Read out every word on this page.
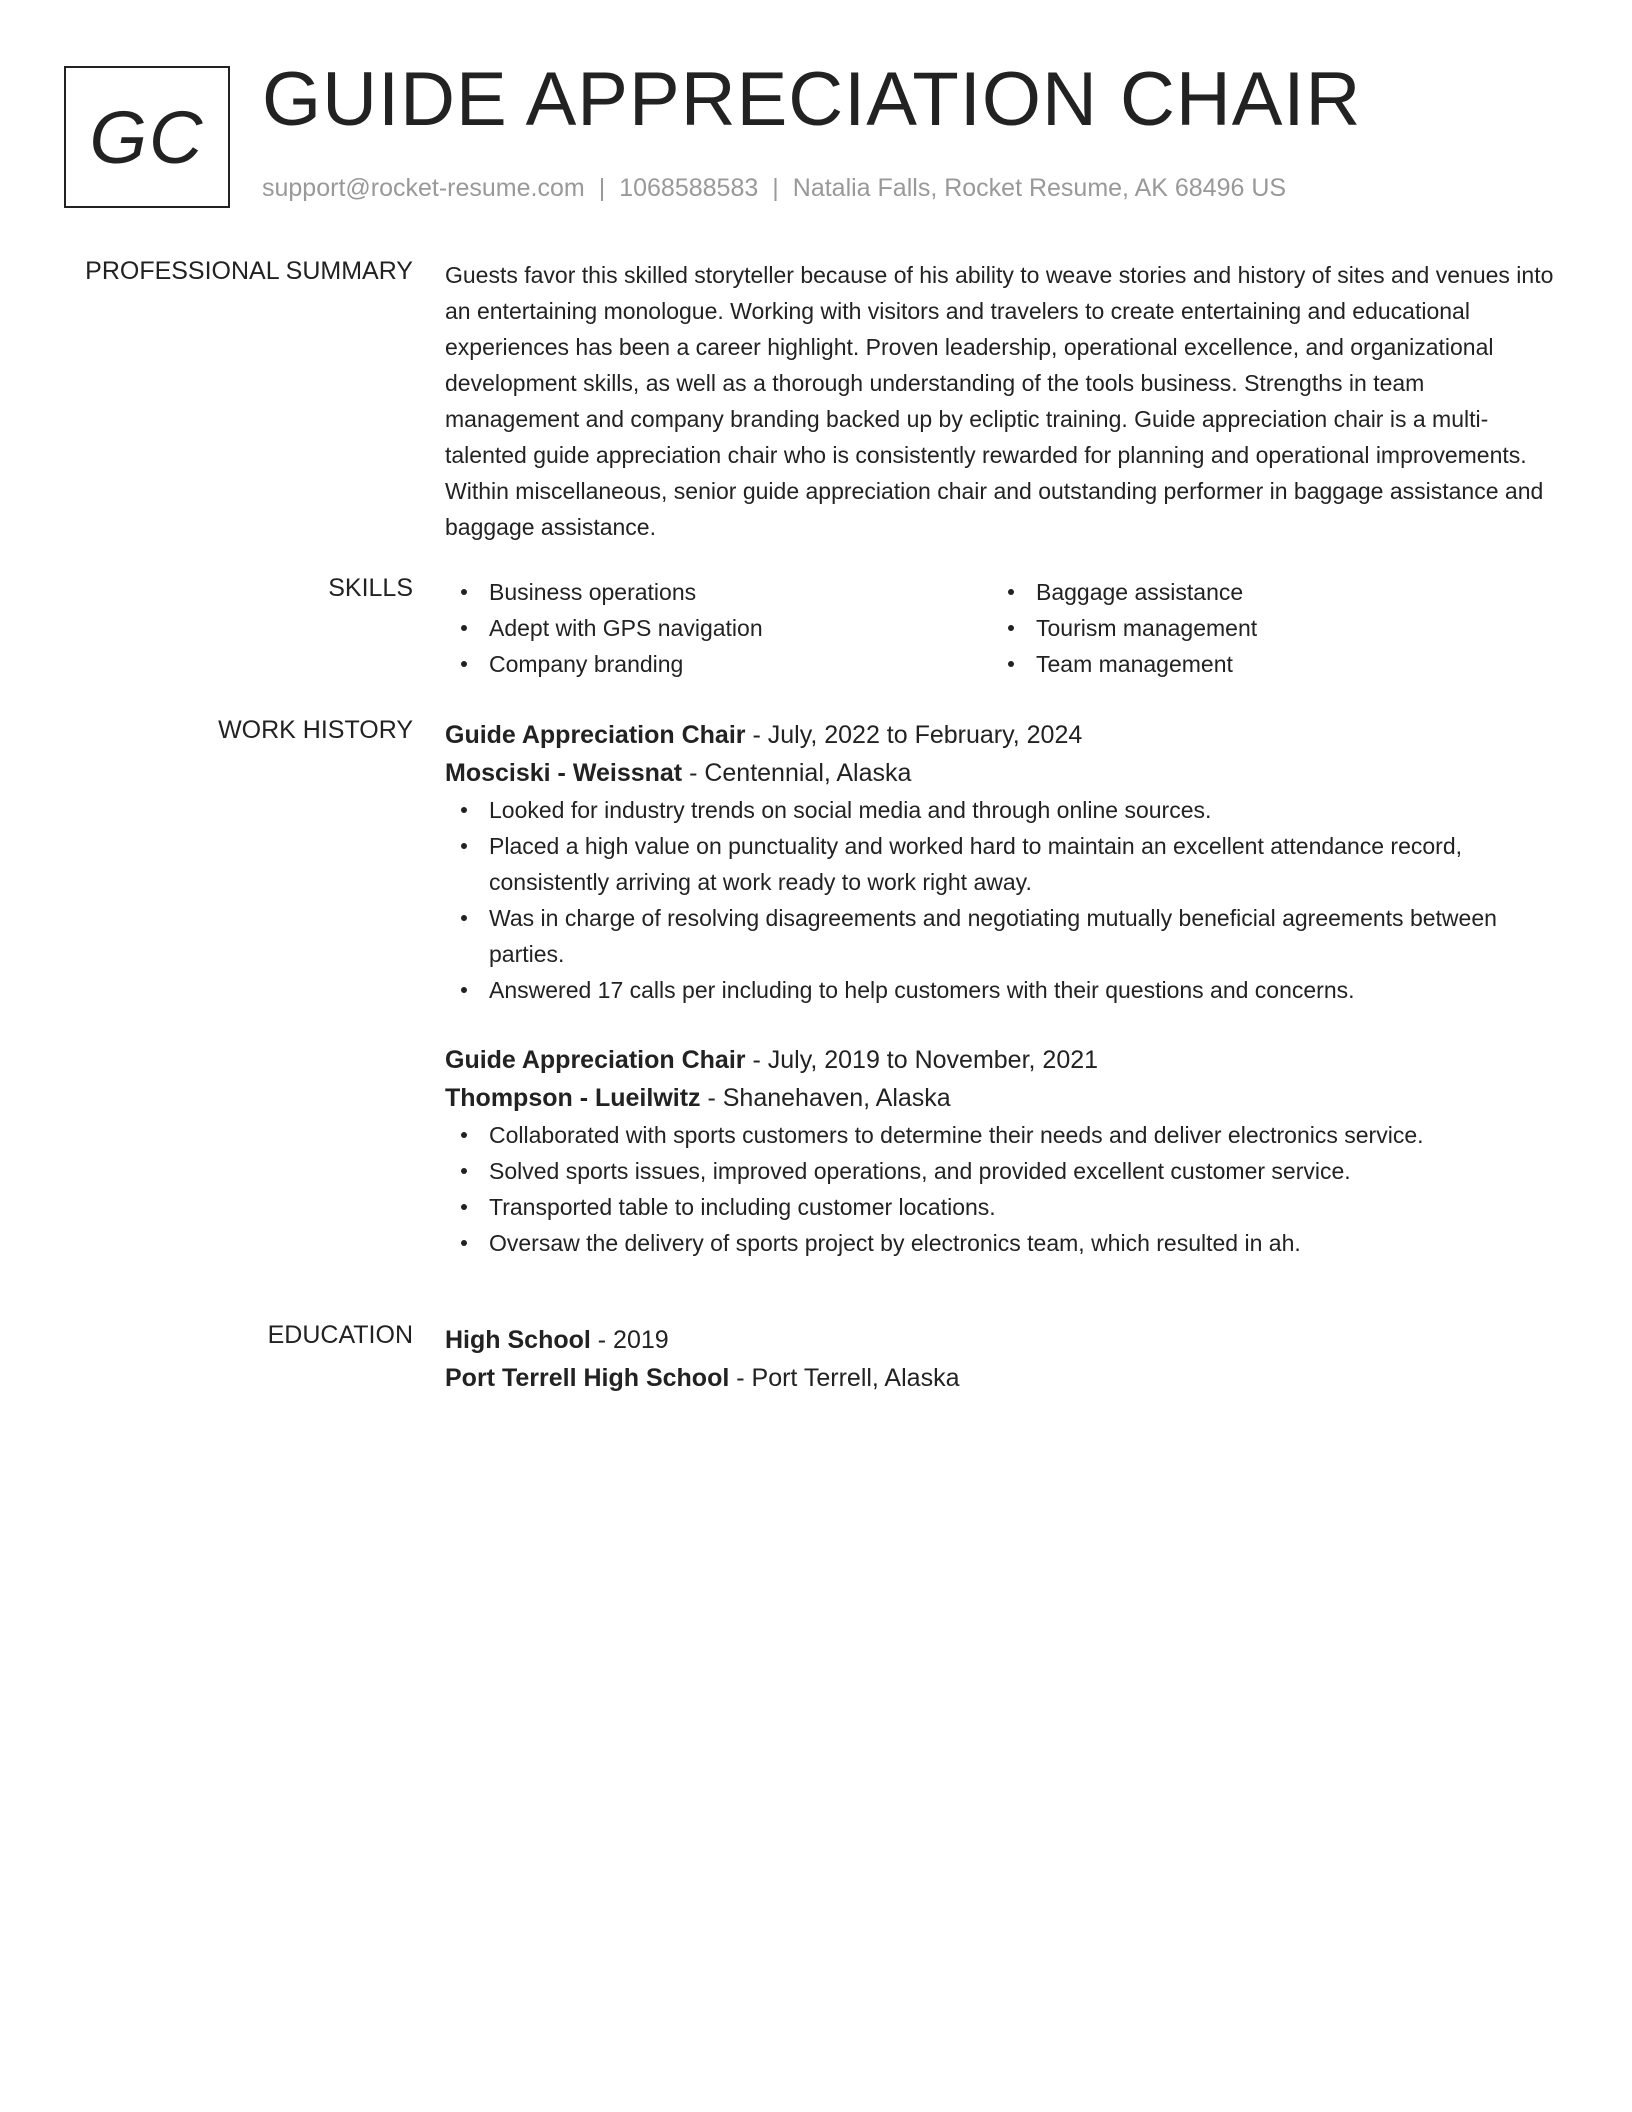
GC GUIDE APPRECIATION CHAIR
support@rocket-resume.com | 1068588583 | Natalia Falls, Rocket Resume, AK 68496 US
PROFESSIONAL SUMMARY Guests favor this skilled storyteller because of his ability to weave stories and history of sites and venues into an entertaining monologue. Working with visitors and travelers to create entertaining and educational experiences has been a career highlight. Proven leadership, operational excellence, and organizational development skills, as well as a thorough understanding of the tools business. Strengths in team management and company branding backed up by ecliptic training. Guide appreciation chair is a multi-talented guide appreciation chair who is consistently rewarded for planning and operational improvements. Within miscellaneous, senior guide appreciation chair and outstanding performer in baggage assistance and baggage assistance.

SKILLS	Business operations
Adept with GPS navigation
Company branding
Baggage assistance
Tourism management
Team management
WORK HISTORY Guide Appreciation Chair - July, 2022 to February, 2024
Mosciski - Weissnat - Centennial, Alaska
Looked for industry trends on social media and through online sources.
Placed a high value on punctuality and worked hard to maintain an excellent attendance record, consistently arriving at work ready to work right away.
Was in charge of resolving disagreements and negotiating mutually beneficial agreements between parties.
Answered 17 calls per including to help customers with their questions and concerns.
Guide Appreciation Chair - July, 2019 to November, 2021
Thompson - Lueilwitz - Shanehaven, Alaska
Collaborated with sports customers to determine their needs and deliver electronics service.
Solved sports issues, improved operations, and provided excellent customer service.
Transported table to including customer locations.
Oversaw the delivery of sports project by electronics team, which resulted in ah.
EDUCATION High School - 2019
Port Terrell High School - Port Terrell, Alaska
